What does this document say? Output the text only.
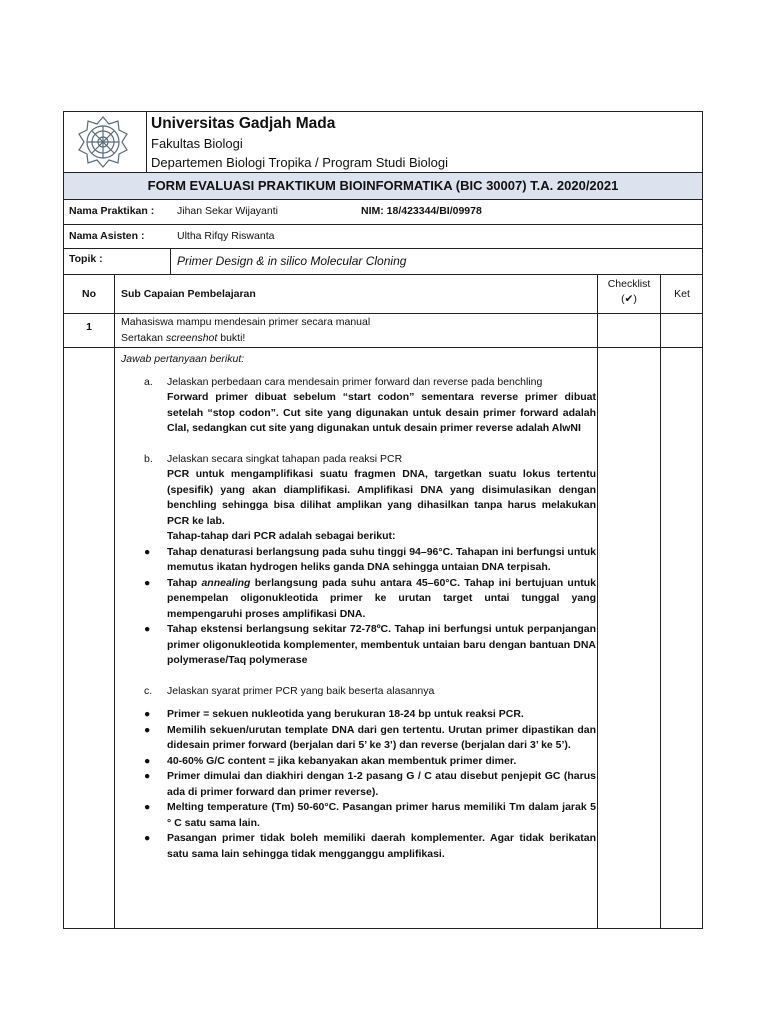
Universitas Gadjah Mada
Fakultas Biologi
Departemen Biologi Tropika / Program Studi Biologi
FORM EVALUASI PRAKTIKUM BIOINFORMATIKA (BIC 30007) T.A. 2020/2021
Nama Praktikan : Jihan Sekar Wijayanti	NIM: 18/423344/BI/09978
Nama Asisten :	Ultha Rifqy Riswanta
Topik :	Primer Design & in silico Molecular Cloning
No	Sub Capaian Pembelajaran
Checklist
(✔)	Ket
1	Mahasiswa mampu mendesain primer secara manual
Sertakan screenshot bukti!
Jawab pertanyaan berikut:
a. Jelaskan perbedaan cara mendesain primer forward dan reverse pada benchling
Forward primer dibuat sebelum “start codon” sementara reverse primer dibuat setelah “stop codon”. Cut site yang digunakan untuk desain primer forward adalah ClaI, sedangkan cut site yang digunakan untuk desain primer reverse adalah AlwNI
b. Jelaskan secara singkat tahapan pada reaksi PCR
PCR untuk mengamplifikasi suatu fragmen DNA, targetkan suatu lokus tertentu (spesifik) yang akan diamplifikasi. Amplifikasi DNA yang disimulasikan dengan benchling sehingga bisa dilihat amplikan yang dihasilkan tanpa harus melakukan PCR ke lab.
Tahap-tahap dari PCR adalah sebagai berikut:
● Tahap denaturasi berlangsung pada suhu tinggi 94–96°C. Tahapan ini berfungsi untuk memutus ikatan hydrogen heliks ganda DNA sehingga untaian DNA terpisah.
● Tahap annealing berlangsung pada suhu antara 45–60°C. Tahap ini bertujuan untuk penempelan oligonukleotida primer ke urutan target untai tunggal yang mempengaruhi proses amplifikasi DNA.
● Tahap ekstensi berlangsung sekitar 72-78ºC. Tahap ini berfungsi untuk perpanjangan primer oligonukleotida komplementer, membentuk untaian baru dengan bantuan DNA polymerase/Taq polymerase
c. Jelaskan syarat primer PCR yang baik beserta alasannya
● Primer = sekuen nukleotida yang berukuran 18-24 bp untuk reaksi PCR.
● Memilih sekuen/urutan template DNA dari gen tertentu. Urutan primer dipastikan dan didesain primer forward (berjalan dari 5’ ke 3’) dan reverse (berjalan dari 3’ ke 5’).
● 40-60% G/C content = jika kebanyakan akan membentuk primer dimer.
● Primer dimulai dan diakhiri dengan 1-2 pasang G / C atau disebut penjepit GC (harus ada di primer forward dan primer reverse).
● Melting temperature (Tm) 50-60°C. Pasangan primer harus memiliki Tm dalam jarak 5 ° C satu sama lain.
● Pasangan primer tidak boleh memiliki daerah komplementer. Agar tidak berikatan satu sama lain sehingga tidak mengganggu amplifikasi.
